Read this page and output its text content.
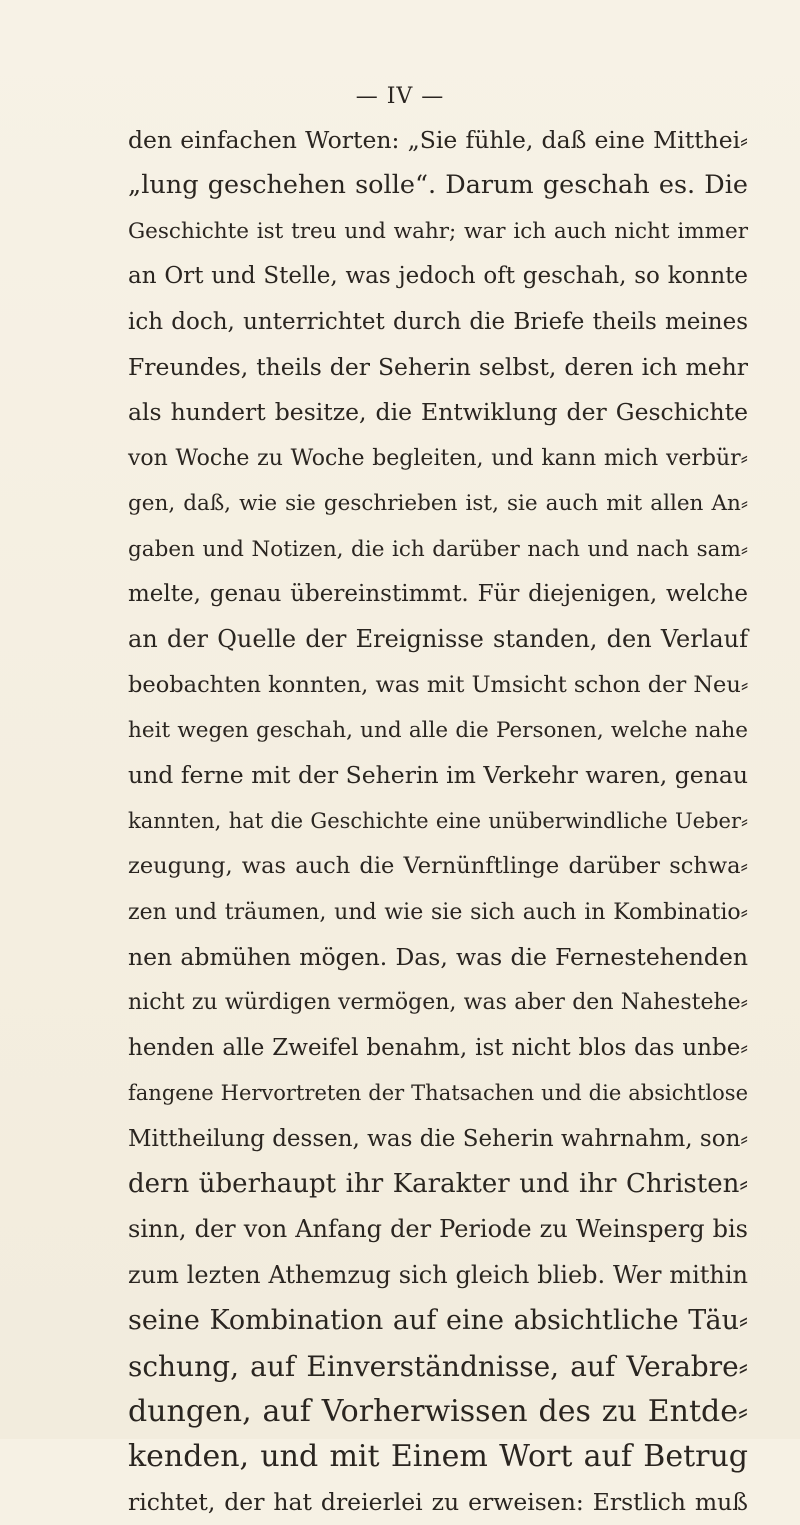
— IV —
den einfachen Worten: „Sie fühle, daß eine Mitthei⸗
„lung geschehen solle“. Darum geschah es. Die
Geschichte ist treu und wahr; war ich auch nicht immer
an Ort und Stelle, was jedoch oft geschah, so konnte
ich doch, unterrichtet durch die Briefe theils meines
Freundes, theils der Seherin selbst, deren ich mehr
als hundert besitze, die Entwiklung der Geschichte
von Woche zu Woche begleiten, und kann mich verbür⸗
gen, daß, wie sie geschrieben ist, sie auch mit allen An⸗
gaben und Notizen, die ich darüber nach und nach sam⸗
melte, genau übereinstimmt. Für diejenigen, welche
an der Quelle der Ereignisse standen, den Verlauf
beobachten konnten, was mit Umsicht schon der Neu⸗
heit wegen geschah, und alle die Personen, welche nahe
und ferne mit der Seherin im Verkehr waren, genau
kannten, hat die Geschichte eine unüberwindliche Ueber⸗
zeugung, was auch die Vernünftlinge darüber schwa⸗
zen und träumen, und wie sie sich auch in Kombinatio⸗
nen abmühen mögen. Das, was die Fernestehenden
nicht zu würdigen vermögen, was aber den Nahestehe⸗
henden alle Zweifel benahm, ist nicht blos das unbe⸗
fangene Hervortreten der Thatsachen und die absichtlose
Mittheilung dessen, was die Seherin wahrnahm, son⸗
dern überhaupt ihr Karakter und ihr Christen⸗
sinn, der von Anfang der Periode zu Weinsperg bis
zum lezten Athemzug sich gleich blieb. Wer mithin
seine Kombination auf eine absichtliche Täu⸗
schung, auf Einverständnisse, auf Verabre⸗
dungen, auf Vorherwissen des zu Entde⸗
kenden, und mit Einem Wort auf Betrug
richtet, der hat dreierlei zu erweisen: Erstlich muß
